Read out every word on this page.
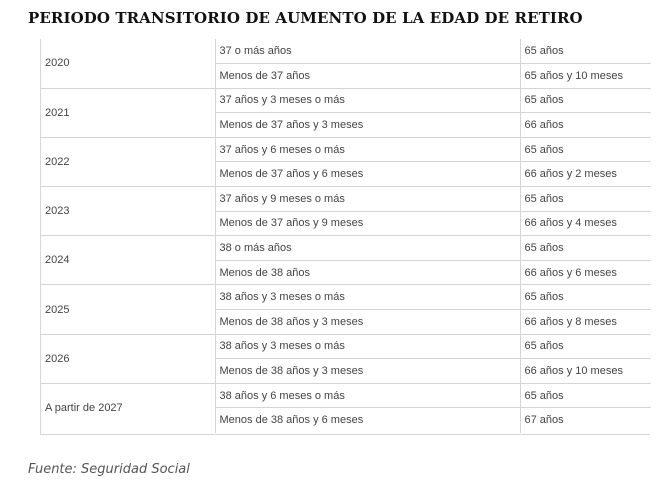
PERIODO TRANSITORIO DE AUMENTO DE LA EDAD DE RETIRO
2020	37 o más años	65 años
	Menos de 37 años	65 años y 10 meses
2021	37 años y 3 meses o más	65 años
	Menos de 37 años y 3 meses	66 años
2022	37 años y 6 meses o más	65 años
	Menos de 37 años y 6 meses	66 años y 2 meses
2023	37 años y 9 meses o más	65 años
	Menos de 37 años y 9 meses	66 años y 4 meses
2024	38 o más años	65 años
	Menos de 38 años	66 años y 6 meses
2025	38 años y 3 meses o más	65 años
	Menos de 38 años y 3 meses	66 años y 8 meses
2026	38 años y 3 meses o más	65 años
	Menos de 38 años y 3 meses	66 años y 10 meses
A partir de 2027	38 años y 6 meses o más	65 años
	Menos de 38 años y 6 meses	67 años

Fuente: Seguridad Social
